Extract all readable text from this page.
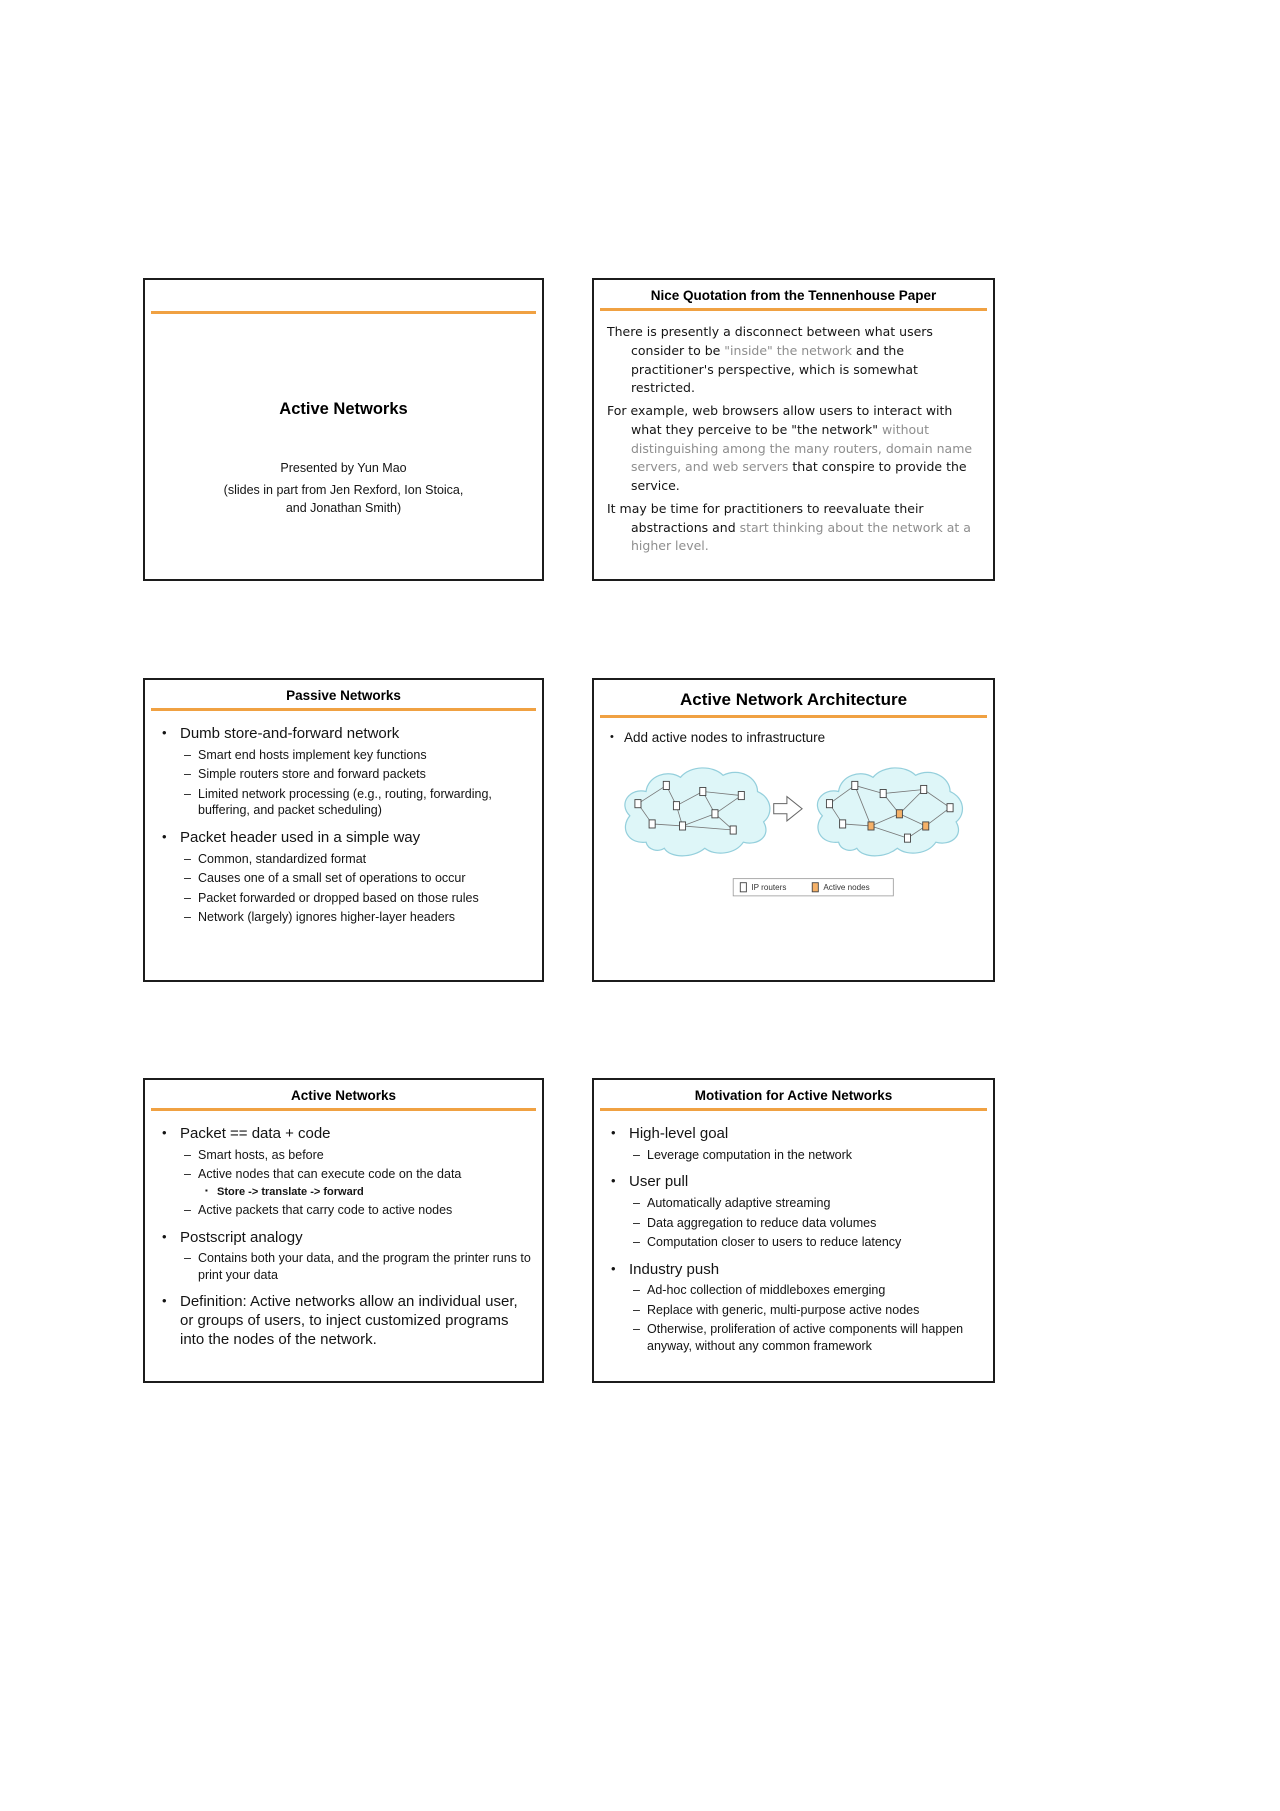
Active Networks

Presented by Yun Mao

(slides in part from Jen Rexford, Ion Stoica, and Jonathan Smith)

Nice Quotation from the Tennenhouse Paper

There is presently a disconnect between what users consider to be "inside" the network and the practitioner's perspective, which is somewhat restricted.

For example, web browsers allow users to interact with what they perceive to be "the network" without distinguishing among the many routers, domain name servers, and web servers that conspire to provide the service.

It may be time for practitioners to reevaluate their abstractions and start thinking about the network at a higher level.

Passive Networks
• Dumb store-and-forward network
– Smart end hosts implement key functions
– Simple routers store and forward packets
– Limited network processing (e.g., routing, forwarding, buffering, and packet scheduling)
• Packet header used in a simple way
– Common, standardized format
– Causes one of a small set of operations to occur
– Packet forwarded or dropped based on those rules
– Network (largely) ignores higher-layer headers
Active Network Architecture
• Add active nodes to infrastructure
IP routers	Active nodes
Active Networks
• Packet == data + code
– Smart hosts, as before
– Active nodes that can execute code on the data
▪ Store -> translate -> forward
– Active packets that carry code to active nodes
• Postscript analogy
– Contains both your data, and the program the printer runs to print your data
• Definition: Active networks allow an individual user, or groups of users, to inject customized programs into the nodes of the network.
Motivation for Active Networks
• High-level goal
– Leverage computation in the network
• User pull
– Automatically adaptive streaming
– Data aggregation to reduce data volumes
– Computation closer to users to reduce latency
• Industry push
– Ad-hoc collection of middleboxes emerging
– Replace with generic, multi-purpose active nodes
– Otherwise, proliferation of active components will happen anyway, without any common framework
